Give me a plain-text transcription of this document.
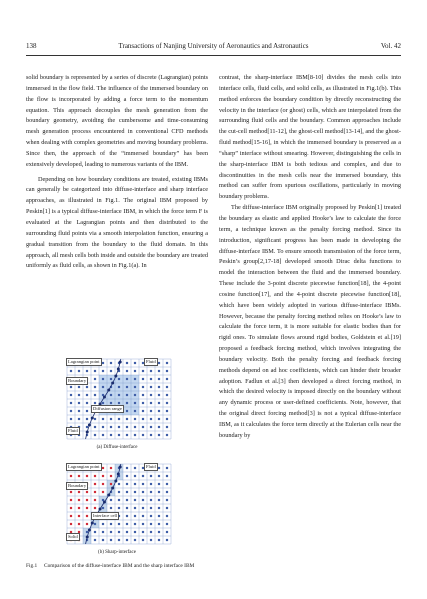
138	Transactions of Nanjing University of Aeronautics and Astronautics	Vol. 42

solid boundary is represented by a series of discrete (Lagrangian) points immersed in the flow field. The influence of the immersed boundary on the flow is incorporated by adding a force term to the momentum equation. This approach decouples the mesh generation from the boundary geometry, avoiding the cumbersome and time-consuming mesh generation process encountered in conventional CFD methods when dealing with complex geometries and moving boundary problems. Since then, the approach of the “immersed boundary” has been extensively developed, leading to numerous variants of the IBM.

Depending on how boundary conditions are treated, existing IBMs can generally be categorized into diffuse-interface and sharp interface approaches, as illustrated in Fig.1. The original IBM proposed by Peskin[1] is a typical diffuse-interface IBM, in which the force term F is evaluated at the Lagrangian points and then distributed to the surrounding fluid points via a smooth interpolation function, ensuring a gradual transition from the boundary to the fluid domain. In this approach, all mesh cells both inside and outside the boundary are treated uniformly as fluid cells, as shown in Fig.1(a). In

Lagrangian point	Fluid
Boundary
Diffusion range
Fluid
(a) Diffuse-interface
Lagrangian point	Fluid
Boundary
Interface cell
Solid
(b) Sharp-interface
Fig.1 Comparison of the diffuse-interface IBM and the sharp interface IBM

contrast, the sharp-interface IBM[8-10] divides the mesh cells into interface cells, fluid cells, and solid cells, as illustrated in Fig.1(b). This method enforces the boundary condition by directly reconstructing the velocity in the interface (or ghost) cells, which are interpolated from the surrounding fluid cells and the boundary. Common approaches include the cut-cell method[11-12], the ghost-cell method[13-14], and the ghost-fluid method[15-16], in which the immersed boundary is preserved as a “sharp” interface without smearing. However, distinguishing the cells in the sharp-interface IBM is both tedious and complex, and due to discontinuities in the mesh cells near the immersed boundary, this method can suffer from spurious oscillations, particularly in moving boundary problems.

The diffuse-interface IBM originally proposed by Peskin[1] treated the boundary as elastic and applied Hooke’s law to calculate the force term, a technique known as the penalty forcing method. Since its introduction, significant progress has been made in developing the diffuse-interface IBM. To ensure smooth transmission of the force term, Peskin’s group[2,17-18] developed smooth Dirac delta functions to model the interaction between the fluid and the immersed boundary. These include the 3-point discrete piecewise function[18], the 4-point cosine function[17], and the 4-point discrete piecewise function[18], which have been widely adopted in various diffuse-interface IBMs. However, because the penalty forcing method relies on Hooke’s law to calculate the force term, it is more suitable for elastic bodies than for rigid ones. To simulate flows around rigid bodies, Goldstein et al.[19] proposed a feedback forcing method, which involves integrating the boundary velocity. Both the penalty forcing and feedback forcing methods depend on ad hoc coefficients, which can hinder their broader adoption. Fadlun et al.[3] then developed a direct forcing method, in which the desired velocity is imposed directly on the boundary without any dynamic process or user-defined coefficients. Note, however, that the original direct forcing method[3] is not a typical diffuse-interface IBM, as it calculates the force term directly at the Eulerian cells near the boundary by
